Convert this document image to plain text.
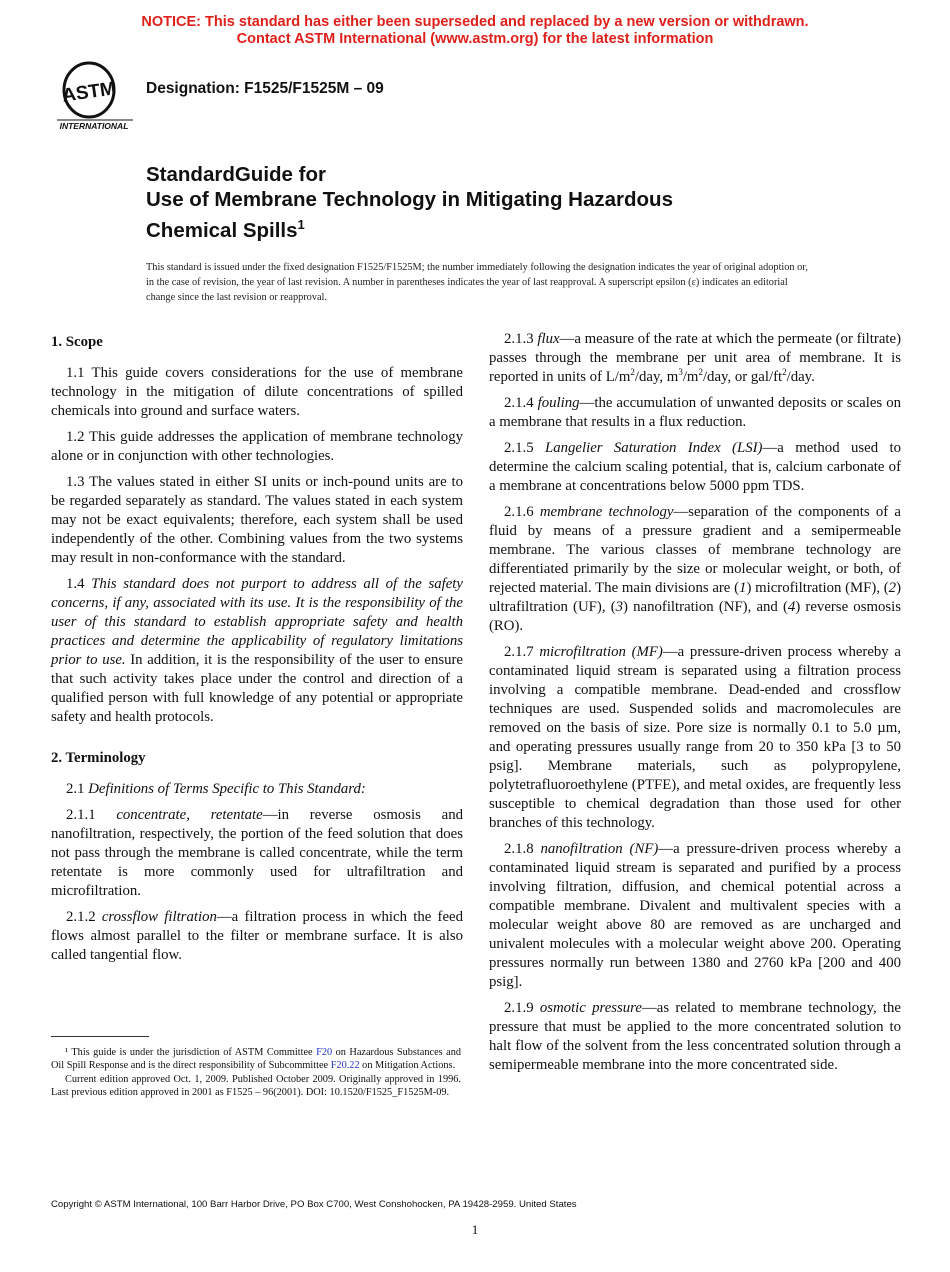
NOTICE: This standard has either been superseded and replaced by a new version or withdrawn.
Contact ASTM International (www.astm.org) for the latest information
ASTM
INTERNATIONAL
Designation: F1525/F1525M – 09
StandardGuide for
Use of Membrane Technology in Mitigating Hazardous
Chemical Spills$^1$
This standard is issued under the fixed designation F1525/F1525M; the number immediately following the designation indicates the year of original adoption or, in the case of revision, the year of last revision. A number in parentheses indicates the year of last reapproval. A superscript epsilon (ε) indicates an editorial change since the last revision or reapproval.
1. Scope

1.1 This guide covers considerations for the use of membrane technology in the mitigation of dilute concentrations of spilled chemicals into ground and surface waters.

1.2 This guide addresses the application of membrane technology alone or in conjunction with other technologies.

1.3 The values stated in either SI units or inch-pound units are to be regarded separately as standard. The values stated in each system may not be exact equivalents; therefore, each system shall be used independently of the other. Combining values from the two systems may result in non-conformance with the standard.

1.4 This standard does not purport to address all of the safety concerns, if any, associated with its use. It is the responsibility of the user of this standard to establish appropriate safety and health practices and determine the applicability of regulatory limitations prior to use. In addition, it is the responsibility of the user to ensure that such activity takes place under the control and direction of a qualified person with full knowledge of any potential or appropriate safety and health protocols.

2. Terminology

2.1 Definitions of Terms Specific to This Standard:

2.1.1 concentrate, retentate—in reverse osmosis and nanofiltration, respectively, the portion of the feed solution that does not pass through the membrane is called concentrate, while the term retentate is more commonly used for ultrafiltration and microfiltration.

2.1.2 crossflow filtration—a filtration process in which the feed flows almost parallel to the filter or membrane surface. It is also called tangential flow.

2.1.3 flux—a measure of the rate at which the permeate (or filtrate) passes through the membrane per unit area of membrane. It is reported in units of $L/m^2$/day, $m^3/m^2$/day, or gal/$ft^2$/day.

2.1.4 fouling—the accumulation of unwanted deposits or scales on a membrane that results in a flux reduction.

2.1.5 Langelier Saturation Index (LSI)—a method used to determine the calcium scaling potential, that is, calcium carbonate of a membrane at concentrations below 5000 ppm TDS.

2.1.6 membrane technology—separation of the components of a fluid by means of a pressure gradient and a semipermeable membrane. The various classes of membrane technology are differentiated primarily by the size or molecular weight, or both, of rejected material. The main divisions are (1) microfiltration (MF), (2) ultrafiltration (UF), (3) nanofiltration (NF), and (4) reverse osmosis (RO).

2.1.7 microfiltration (MF)—a pressure-driven process whereby a contaminated liquid stream is separated using a filtration process involving a compatible membrane. Dead-ended and crossflow techniques are used. Suspended solids and macromolecules are removed on the basis of size. Pore size is normally 0.1 to 5.0 µm, and operating pressures usually range from 20 to 350 kPa [3 to 50 psig]. Membrane materials, such as polypropylene, polytetrafluoroethylene (PTFE), and metal oxides, are frequently less susceptible to chemical degradation than those used for other branches of this technology.

2.1.8 nanofiltration (NF)—a pressure-driven process whereby a contaminated liquid stream is separated and purified by a process involving filtration, diffusion, and chemical potential across a compatible membrane. Divalent and multivalent species with a molecular weight above 80 are removed as are uncharged and univalent molecules with a molecular weight above 200. Operating pressures normally run between 1380 and 2760 kPa [200 and 400 psig].

2.1.9 osmotic pressure—as related to membrane technology, the pressure that must be applied to the more concentrated solution to halt flow of the solvent from the less concentrated solution through a semipermeable membrane into the more concentrated side.

¹ This guide is under the jurisdiction of ASTM Committee F20 on Hazardous Substances and Oil Spill Response and is the direct responsibility of Subcommittee F20.22 on Mitigation Actions.

Current edition approved Oct. 1, 2009. Published October 2009. Originally approved in 1996. Last previous edition approved in 2001 as F1525 – 96(2001). DOI: 10.1520/F1525_F1525M-09.

Copyright © ASTM International, 100 Barr Harbor Drive, PO Box C700, West Conshohocken, PA 19428-2959. United States
1
